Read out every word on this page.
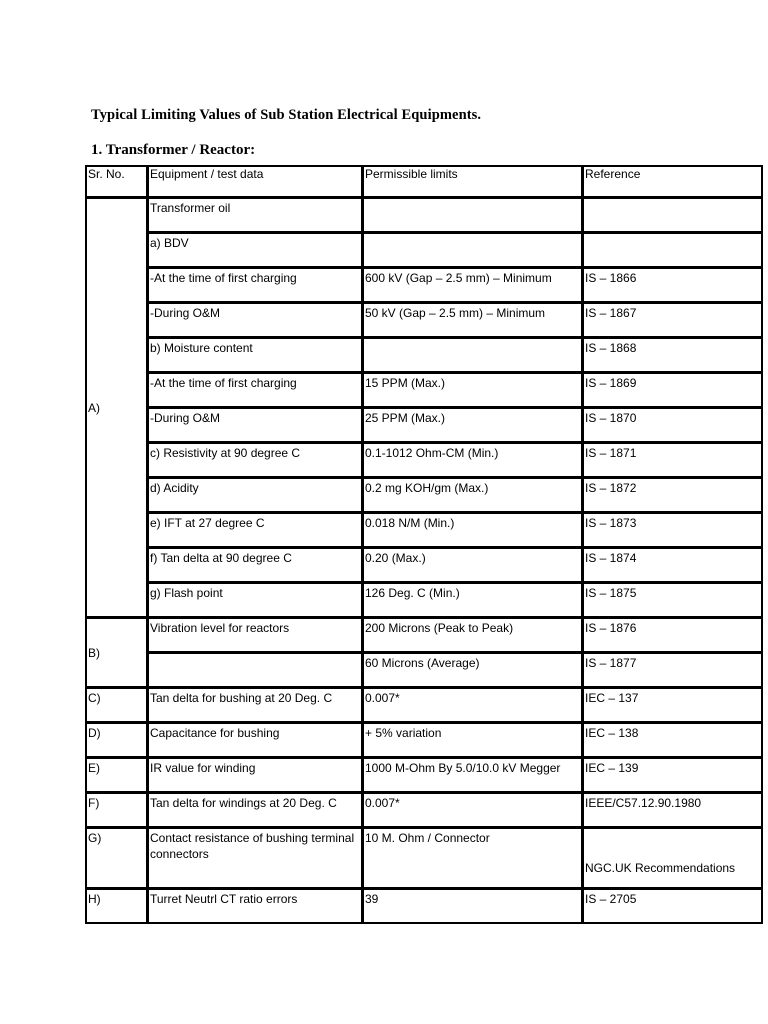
Typical Limiting Values of Sub Station Electrical Equipments.
1. Transformer / Reactor:
Sr. No.	Equipment / test data	Permissible limits	Reference
A)	Transformer oil		
	a) BDV		
	-At the time of first charging	600 kV (Gap – 2.5 mm) – Minimum	IS – 1866
	-During O&M	50 kV (Gap – 2.5 mm) – Minimum	IS – 1867
	b) Moisture content		IS – 1868
	-At the time of first charging	15 PPM (Max.)	IS – 1869
	-During O&M	25 PPM (Max.)	IS – 1870
	c) Resistivity at 90 degree C	0.1-1012 Ohm-CM (Min.)	IS – 1871
	d) Acidity	0.2 mg KOH/gm (Max.)	IS – 1872
	e) IFT at 27 degree C	0.018 N/M (Min.)	IS – 1873
	f) Tan delta at 90 degree C	0.20 (Max.)	IS – 1874
	g) Flash point	126 Deg. C (Min.)	IS – 1875
B)	Vibration level for reactors	200 Microns (Peak to Peak)	IS – 1876
		60 Microns (Average)	IS – 1877
C)	Tan delta for bushing at 20 Deg. C	0.007*	IEC – 137
D)	Capacitance for bushing	+ 5% variation	IEC – 138
E)	IR value for winding	1000 M-Ohm By 5.0/10.0 kV Megger	IEC – 139
F)	Tan delta for windings at 20 Deg. C	0.007*	IEEE/C57.12.90.1980
G)	Contact resistance of bushing terminal connectors	10 M. Ohm / Connector	NGC.UK Recommendations
H)	Turret Neutrl CT ratio errors	39	IS – 2705
